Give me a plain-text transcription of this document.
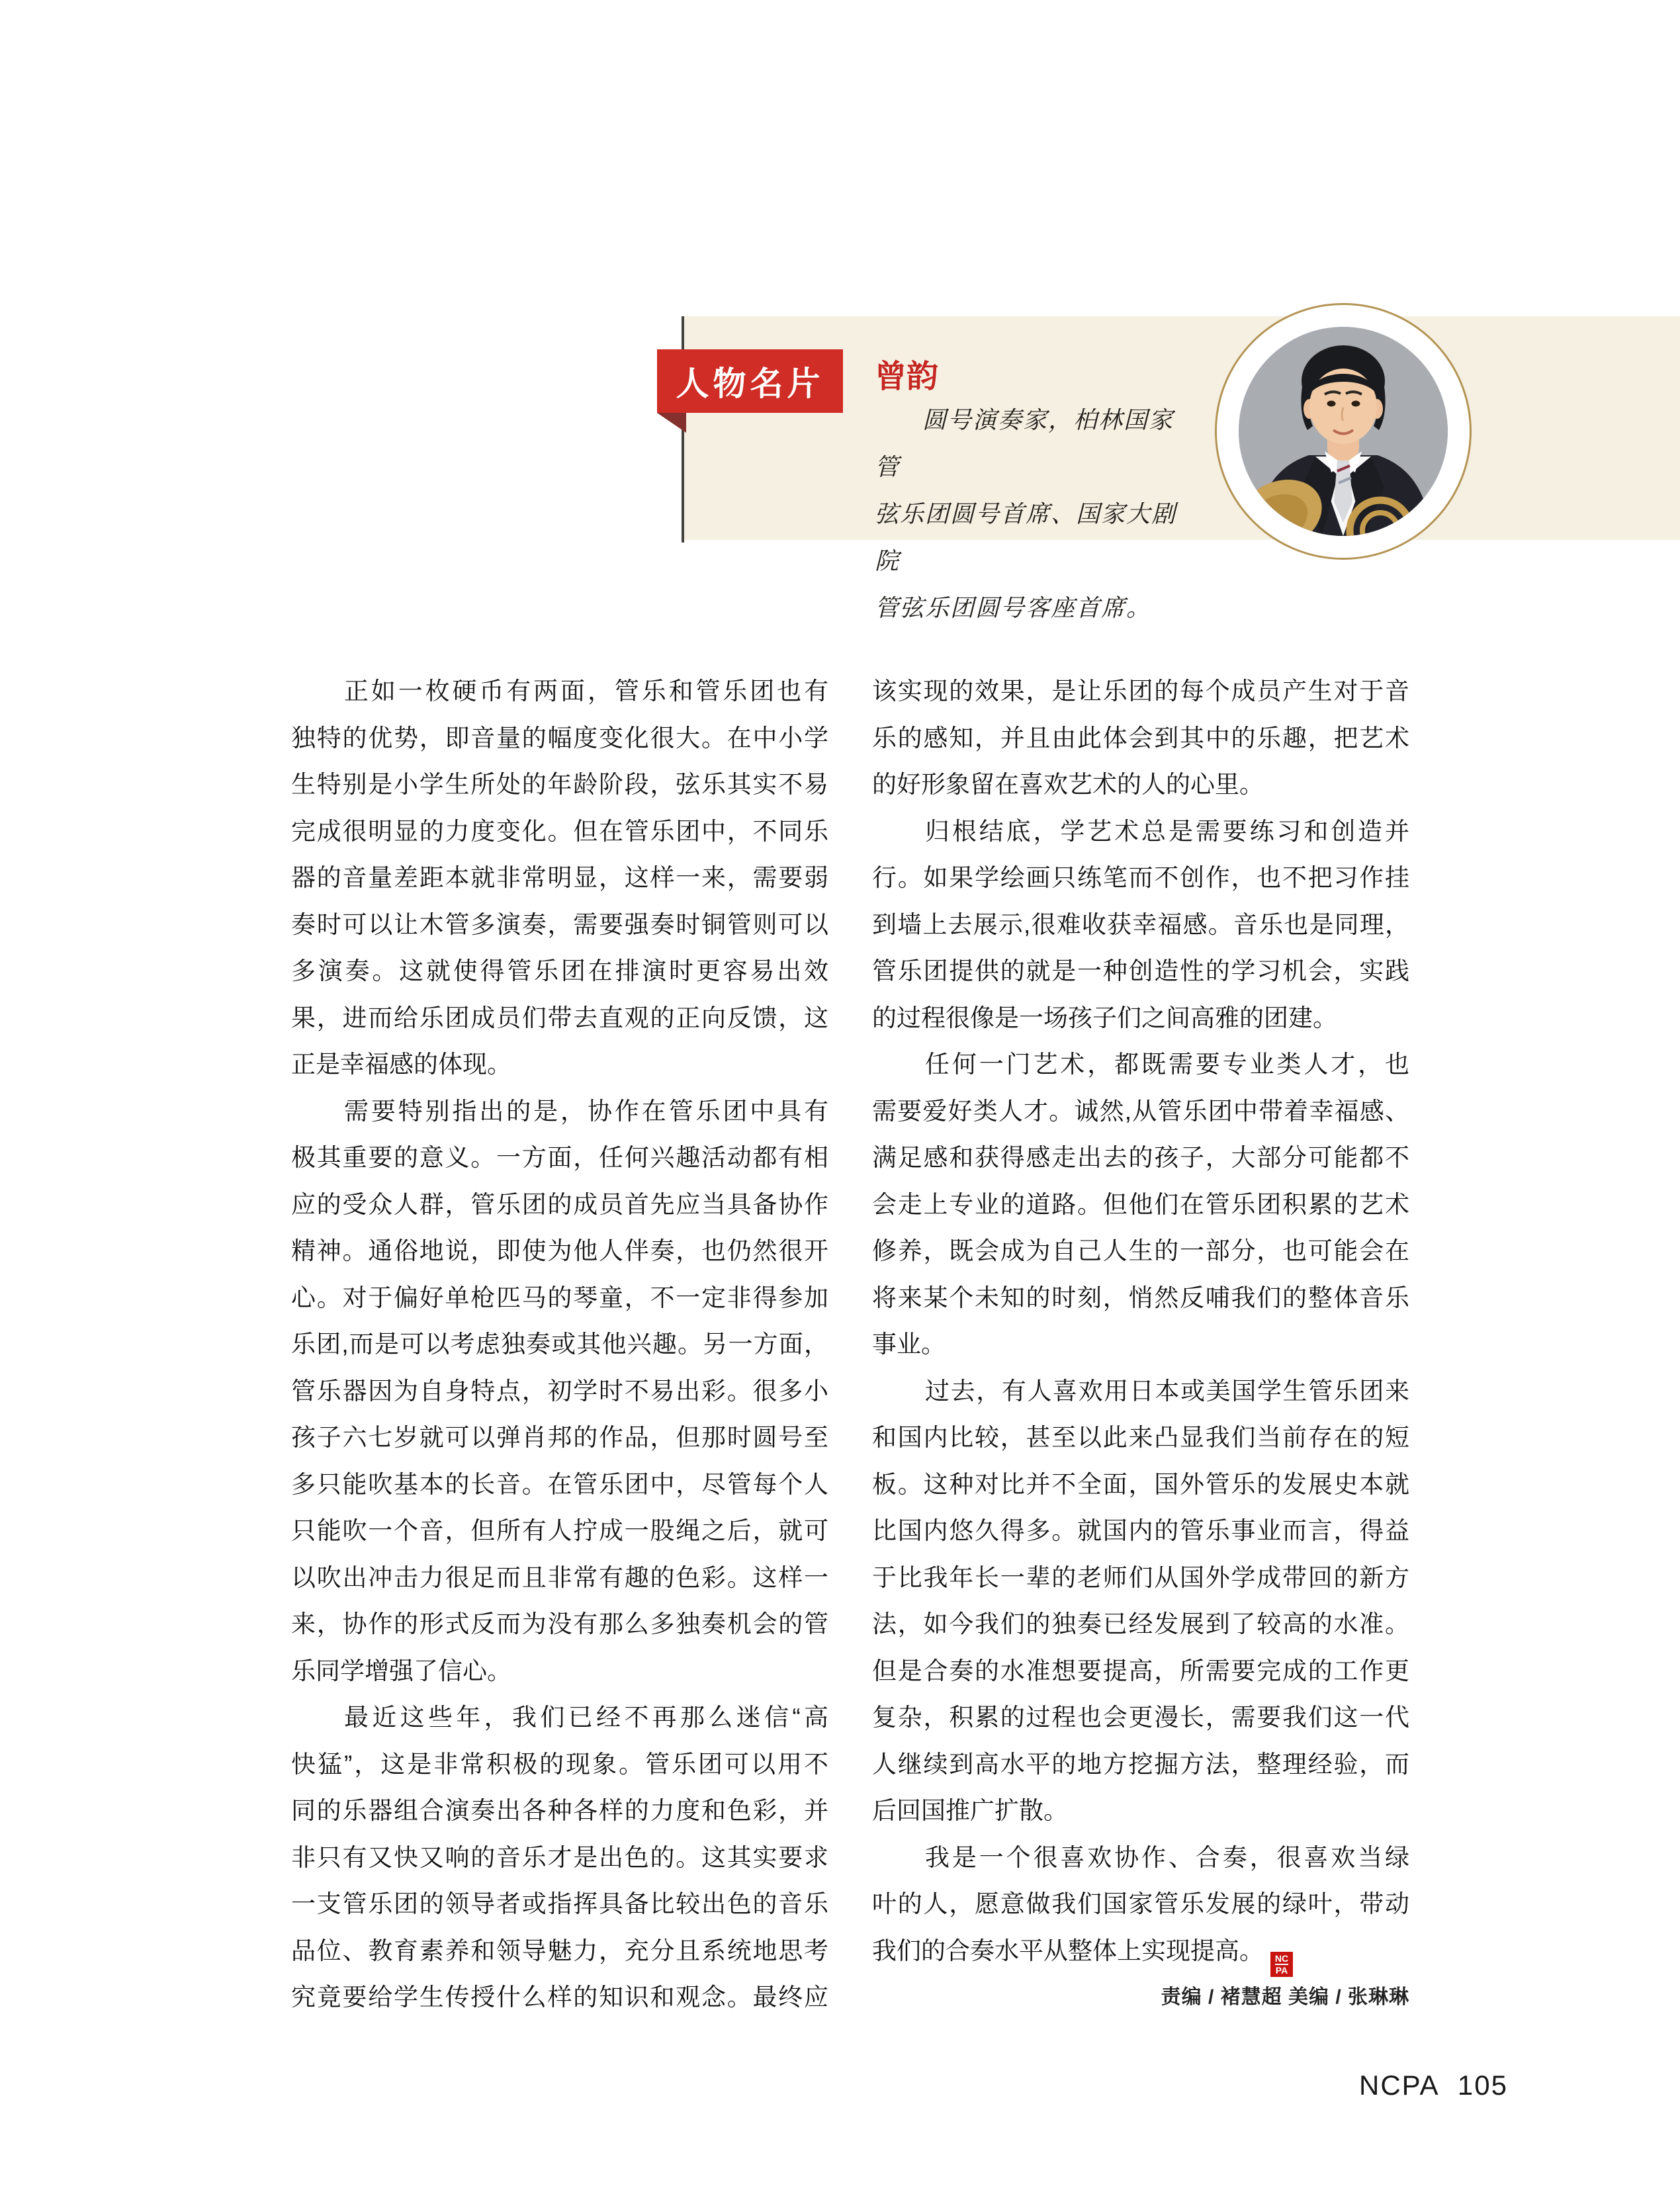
人物名片 曾韵
圆号演奏家，柏林国家管
弦乐团圆号首席、国家大剧院
管弦乐团圆号客座首席。
正如一枚硬币有两面，管乐和管乐团也有
独特的优势，即音量的幅度变化很大。在中小学
生特别是小学生所处的年龄阶段，弦乐其实不易
完成很明显的力度变化。但在管乐团中，不同乐
器的音量差距本就非常明显，这样一来，需要弱
奏时可以让木管多演奏，需要强奏时铜管则可以
多演奏。这就使得管乐团在排演时更容易出效
果，进而给乐团成员们带去直观的正向反馈，这
正是幸福感的体现。
需要特别指出的是，协作在管乐团中具有
极其重要的意义。一方面，任何兴趣活动都有相
应的受众人群，管乐团的成员首先应当具备协作
精神。通俗地说，即使为他人伴奏，也仍然很开
心。对于偏好单枪匹马的琴童，不一定非得参加
乐团,而是可以考虑独奏或其他兴趣。另一方面，
管乐器因为自身特点，初学时不易出彩。很多小
孩子六七岁就可以弹肖邦的作品，但那时圆号至
多只能吹基本的长音。在管乐团中，尽管每个人
只能吹一个音，但所有人拧成一股绳之后，就可
以吹出冲击力很足而且非常有趣的色彩。这样一
来，协作的形式反而为没有那么多独奏机会的管
乐同学增强了信心。
最近这些年，我们已经不再那么迷信“高
快猛”，这是非常积极的现象。管乐团可以用不
同的乐器组合演奏出各种各样的力度和色彩，并
非只有又快又响的音乐才是出色的。这其实要求
一支管乐团的领导者或指挥具备比较出色的音乐
品位、教育素养和领导魅力，充分且系统地思考
究竟要给学生传授什么样的知识和观念。最终应
该实现的效果，是让乐团的每个成员产生对于音
乐的感知，并且由此体会到其中的乐趣，把艺术
的好形象留在喜欢艺术的人的心里。
归根结底，学艺术总是需要练习和创造并
行。如果学绘画只练笔而不创作，也不把习作挂
到墙上去展示,很难收获幸福感。音乐也是同理，
管乐团提供的就是一种创造性的学习机会，实践
的过程很像是一场孩子们之间高雅的团建。
任何一门艺术，都既需要专业类人才，也
需要爱好类人才。诚然,从管乐团中带着幸福感、
满足感和获得感走出去的孩子，大部分可能都不
会走上专业的道路。但他们在管乐团积累的艺术
修养，既会成为自己人生的一部分，也可能会在
将来某个未知的时刻，悄然反哺我们的整体音乐
事业。
过去，有人喜欢用日本或美国学生管乐团来
和国内比较，甚至以此来凸显我们当前存在的短
板。这种对比并不全面，国外管乐的发展史本就
比国内悠久得多。就国内的管乐事业而言，得益
于比我年长一辈的老师们从国外学成带回的新方
法，如今我们的独奏已经发展到了较高的水准。
但是合奏的水准想要提高，所需要完成的工作更
复杂，积累的过程也会更漫长，需要我们这一代
人继续到高水平的地方挖掘方法，整理经验，而
后回国推广扩散。
我是一个很喜欢协作、合奏，很喜欢当绿
叶的人，愿意做我们国家管乐发展的绿叶，带动
我们的合奏水平从整体上实现提高。 $\frac{NC}{PA}$
责编 / 褚慧超 美编 / 张琳琳
NCPA 105
